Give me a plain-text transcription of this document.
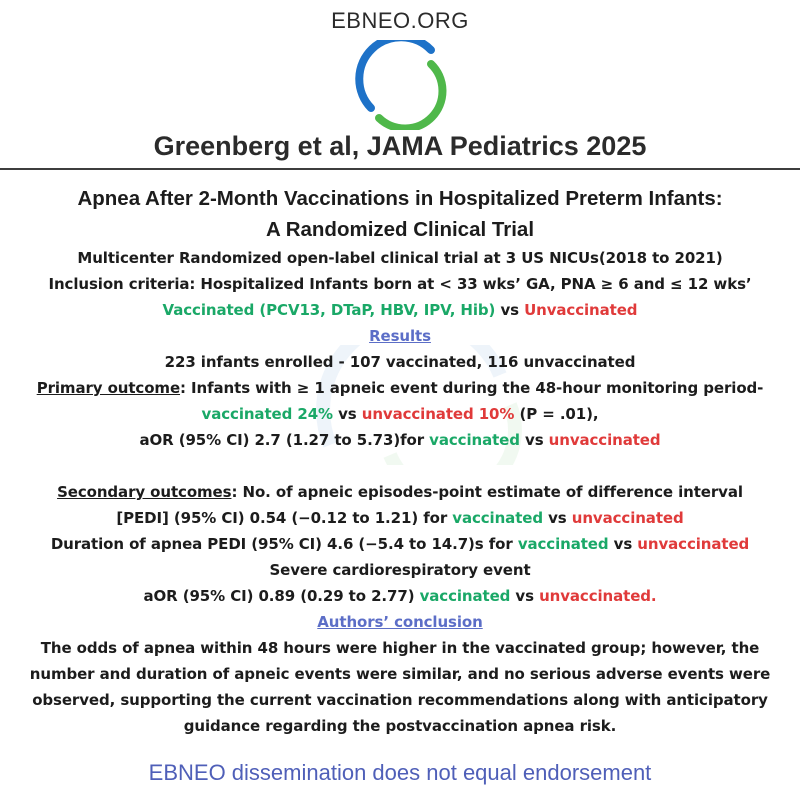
EBNEO.ORG
Greenberg et al, JAMA Pediatrics 2025
Apnea After 2-Month Vaccinations in Hospitalized Preterm Infants:
A Randomized Clinical Trial
Multicenter Randomized open-label clinical trial at 3 US NICUs(2018 to 2021)
Inclusion criteria: Hospitalized Infants born at < 33 wks’ GA, PNA ≥ 6 and ≤ 12 wks’
Vaccinated (PCV13, DTaP, HBV, IPV, Hib) vs Unvaccinated
Results
223 infants enrolled - 107 vaccinated, 116 unvaccinated
Primary outcome: Infants with ≥ 1 apneic event during the 48-hour monitoring period-
vaccinated 24% vs unvaccinated 10% (P = .01),
aOR (95% CI) 2.7 (1.27 to 5.73)for vaccinated vs unvaccinated
Secondary outcomes: No. of apneic episodes-point estimate of difference interval
[PEDI] (95% CI) 0.54 (−0.12 to 1.21) for vaccinated vs unvaccinated
Duration of apnea PEDI (95% CI) 4.6 (−5.4 to 14.7)s for vaccinated vs unvaccinated
Severe cardiorespiratory event
aOR (95% CI) 0.89 (0.29 to 2.77) vaccinated vs unvaccinated.
Authors’ conclusion
The odds of apnea within 48 hours were higher in the vaccinated group; however, the number and duration of apneic events were similar, and no serious adverse events were observed, supporting the current vaccination recommendations along with anticipatory guidance regarding the postvaccination apnea risk.
EBNEO dissemination does not equal endorsement
